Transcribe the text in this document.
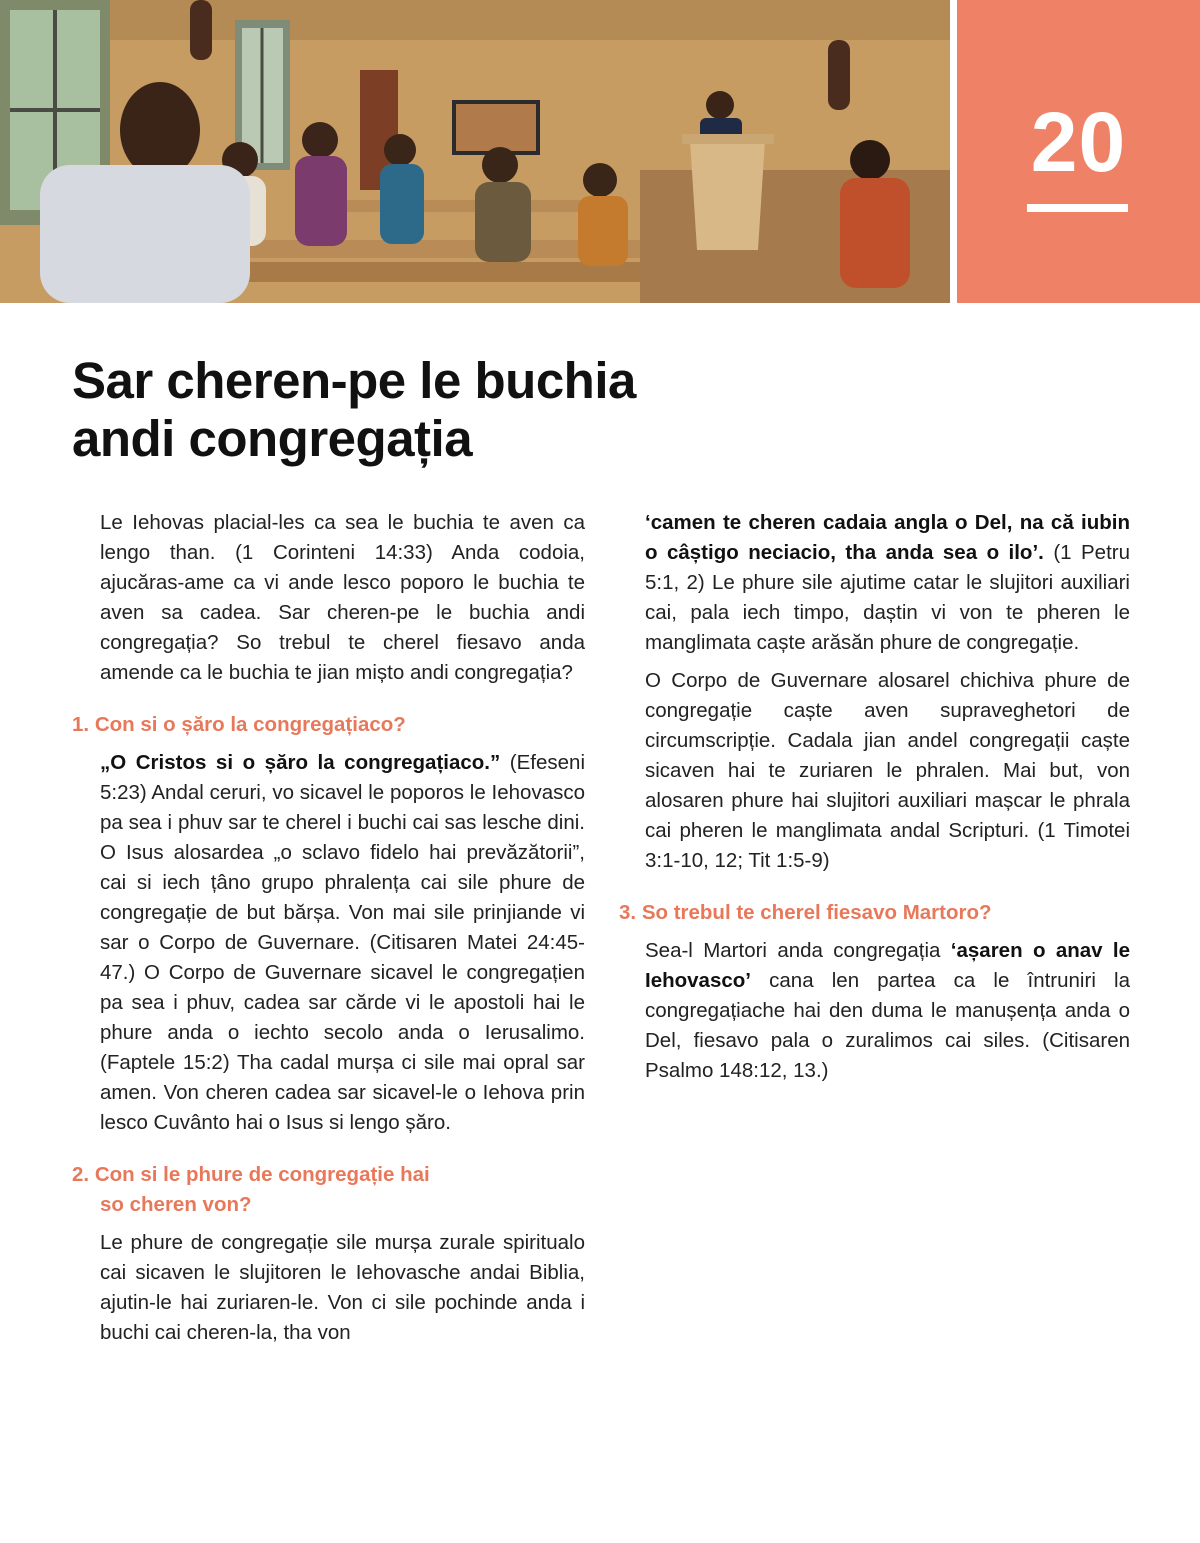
20
Sar cheren-pe le buchia
andi congregația

Le Iehovas placial-les ca sea le buchia te aven ca lengo than. (1 Corinteni 14:33) Anda codoia, ajucăras-ame ca vi ande lesco poporo le buchia te aven sa cadea. Sar cheren-pe le buchia andi congregația? So trebul te cherel fiesavo anda amende ca le buchia te jian mișto andi congregația?

1. Con si o șăro la congregațiaco?

„O Cristos si o șăro la congregațiaco.” (Efeseni 5:23) Andal ceruri, vo sicavel le poporos le Iehovasco pa sea i phuv sar te cherel i buchi cai sas lesche dini. O Isus alosardea „o sclavo fidelo hai prevăzătorii”, cai si iech țâno grupo phralența cai sile phure de congregație de but bărșa. Von mai sile prinjiande vi sar o Corpo de Guvernare. (Citisaren Matei 24:45-47.) O Corpo de Guvernare sicavel le congregațien pa sea i phuv, cadea sar cărde vi le apostoli hai le phure anda o iechto secolo anda o Ierusalimo. (Faptele 15:2) Tha cadal murșa ci sile mai opral sar amen. Von cheren cadea sar sicavel-le o Iehova prin lesco Cuvânto hai o Isus si lengo șăro.

2. Con si le phure de congregație hai
so cheren von?

Le phure de congregație sile murșa zurale spiritualo cai sicaven le slujitoren le Iehovasche andai Biblia, ajutin-le hai zuriaren-le. Von ci sile pochinde anda i buchi cai cheren-la, tha von

‘camen te cheren cadaia angla o Del, na că iubin o câștigo neciacio, tha anda sea o ilo’. (1 Petru 5:1, 2) Le phure sile ajutime catar le slujitori auxiliari cai, pala iech timpo, daștin vi von te pheren le manglimata caște arăsăn phure de congregație.

O Corpo de Guvernare alosarel chichiva phure de congregație caște aven supraveghetori de circumscripție. Cadala jian andel congregații caște sicaven hai te zuriaren le phralen. Mai but, von alosaren phure hai slujitori auxiliari mașcar le phrala cai pheren le manglimata andal Scripturi. (1 Timotei 3:1-10, 12; Tit 1:5-9)

3. So trebul te cherel fiesavo Martoro?

Sea-l Martori anda congregația ‘așaren o anav le Iehovasco’ cana len partea ca le întruniri la congregațiache hai den duma le manușența anda o Del, fiesavo pala o zuralimos cai siles. (Citisaren Psalmo 148:12, 13.)
